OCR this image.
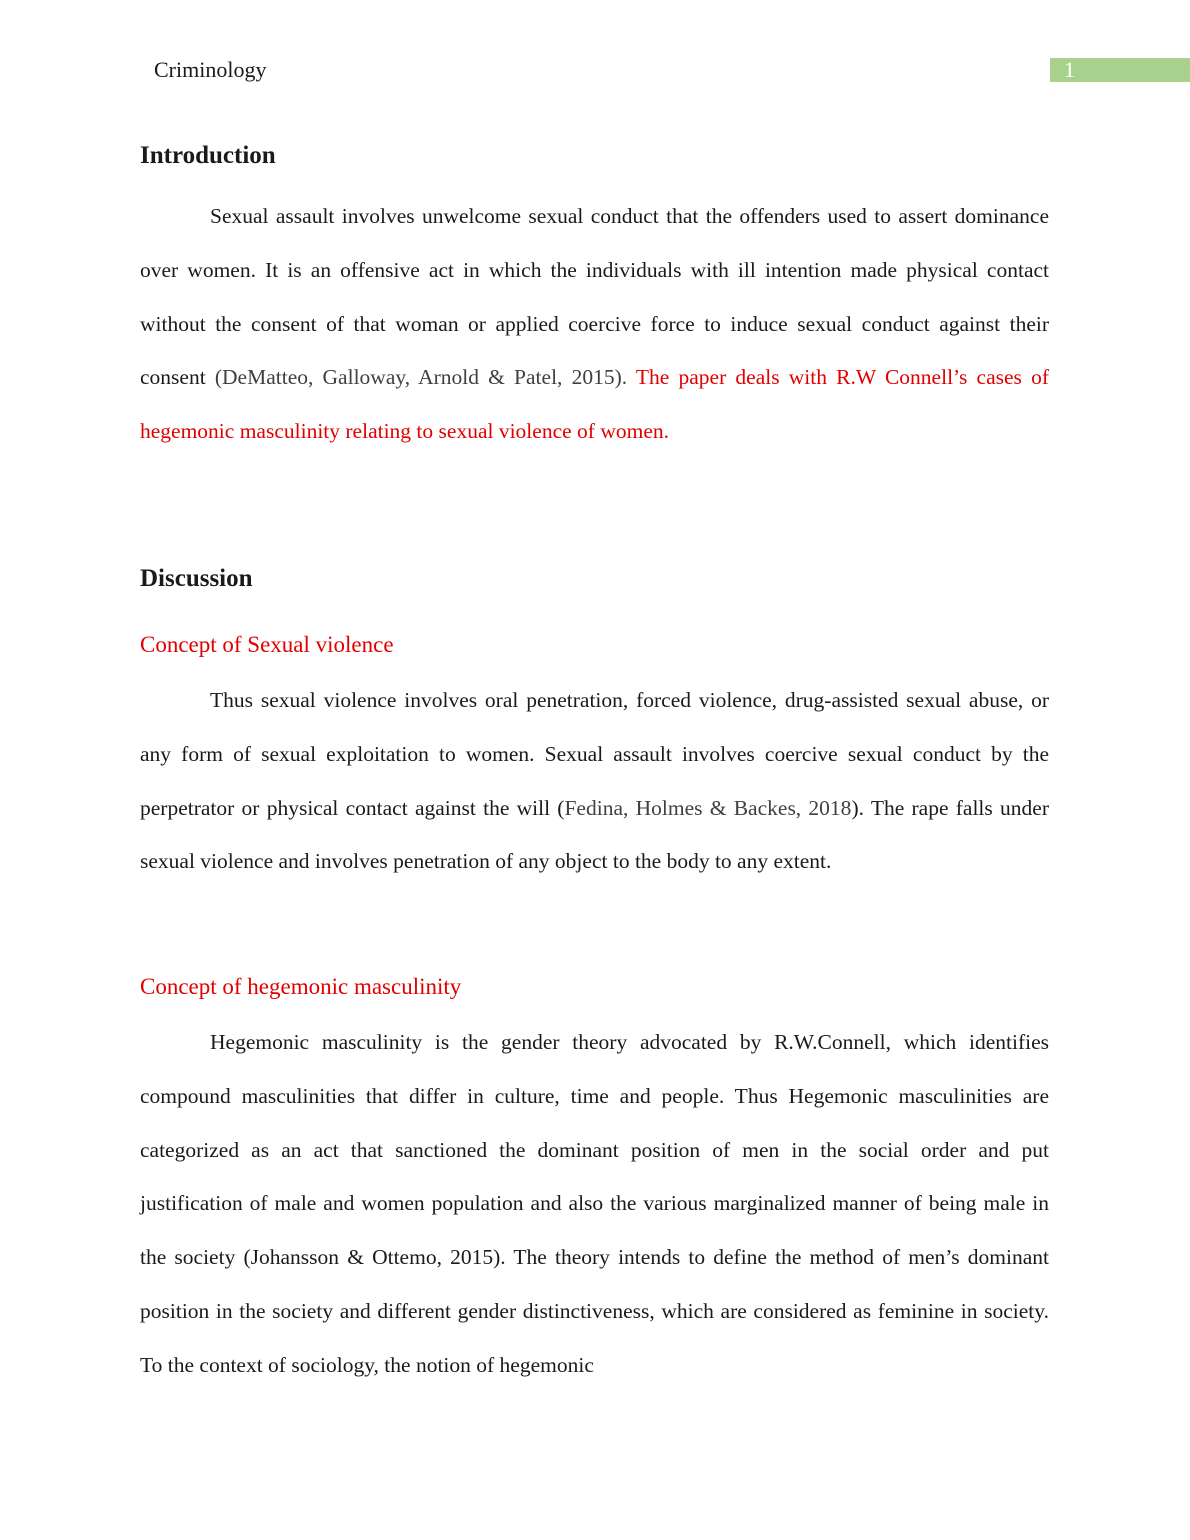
Criminology	1
Introduction

Sexual assault involves unwelcome sexual conduct that the offenders used to assert dominance over women. It is an offensive act in which the individuals with ill intention made physical contact without the consent of that woman or applied coercive force to induce sexual conduct against their consent (DeMatteo, Galloway, Arnold & Patel, 2015). The paper deals with R.W Connell’s cases of hegemonic masculinity relating to sexual violence of women.

Discussion
Concept of Sexual violence

Thus sexual violence involves oral penetration, forced violence, drug-assisted sexual abuse, or any form of sexual exploitation to women. Sexual assault involves coercive sexual conduct by the perpetrator or physical contact against the will (Fedina, Holmes & Backes, 2018). The rape falls under sexual violence and involves penetration of any object to the body to any extent.

Concept of hegemonic masculinity

Hegemonic masculinity is the gender theory advocated by R.W.Connell, which identifies compound masculinities that differ in culture, time and people. Thus Hegemonic masculinities are categorized as an act that sanctioned the dominant position of men in the social order and put justification of male and women population and also the various marginalized manner of being male in the society (Johansson & Ottemo, 2015). The theory intends to define the method of men’s dominant position in the society and different gender distinctiveness, which are considered as feminine in society. To the context of sociology, the notion of hegemonic
